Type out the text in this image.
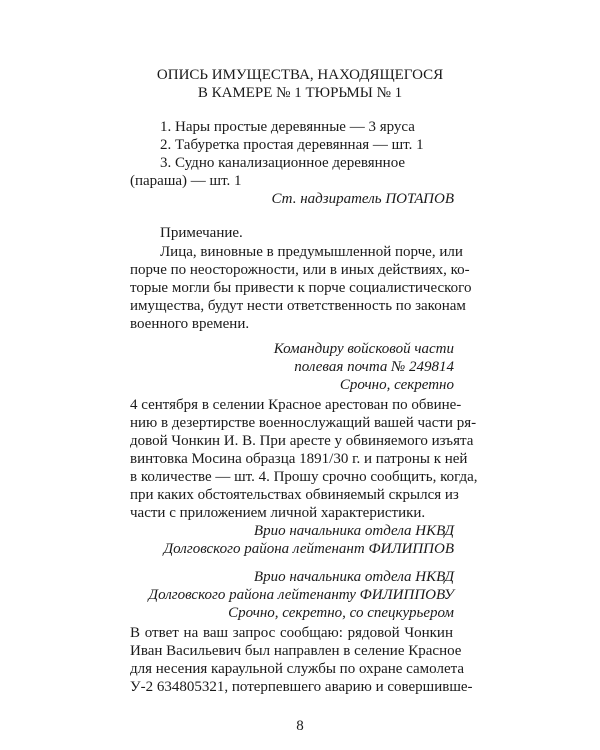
ОПИСЬ ИМУЩЕСТВА, НАХОДЯЩЕГОСЯ
В КАМЕРЕ № 1 ТЮРЬМЫ № 1
1. Нары простые деревянные — 3 яруса
2. Табуретка простая деревянная — шт. 1
3. Судно канализационное деревянное
(параша) — шт. 1
Ст. надзиратель ПОТАПОВ
Примечание.
Лица, виновные в предумышленной порче, или
порче по неосторожности, или в иных действиях, ко-
торые могли бы привести к порче социалистического
имущества, будут нести ответственность по законам
военного времени.
Командиру войсковой части
полевая почта № 249814
Срочно, секретно
4 сентября в селении Красное арестован по обвине-
нию в дезертирстве военнослужащий вашей части ря-
довой Чонкин И. В. При аресте у обвиняемого изъята
винтовка Мосина образца 1891/30 г. и патроны к ней
в количестве — шт. 4. Прошу срочно сообщить, когда,
при каких обстоятельствах обвиняемый скрылся из
части с приложением личной характеристики.
Врио начальника отдела НКВД
Долговского района лейтенант ФИЛИППОВ
Врио начальника отдела НКВД
Долговского района лейтенанту ФИЛИППОВУ
Срочно, секретно, со спецкурьером
В ответ на ваш запрос сообщаю: рядовой Чонкин
Иван Васильевич был направлен в селение Красное
для несения караульной службы по охране самолета
У-2 634805321, потерпевшего аварию и совершивше-
8
